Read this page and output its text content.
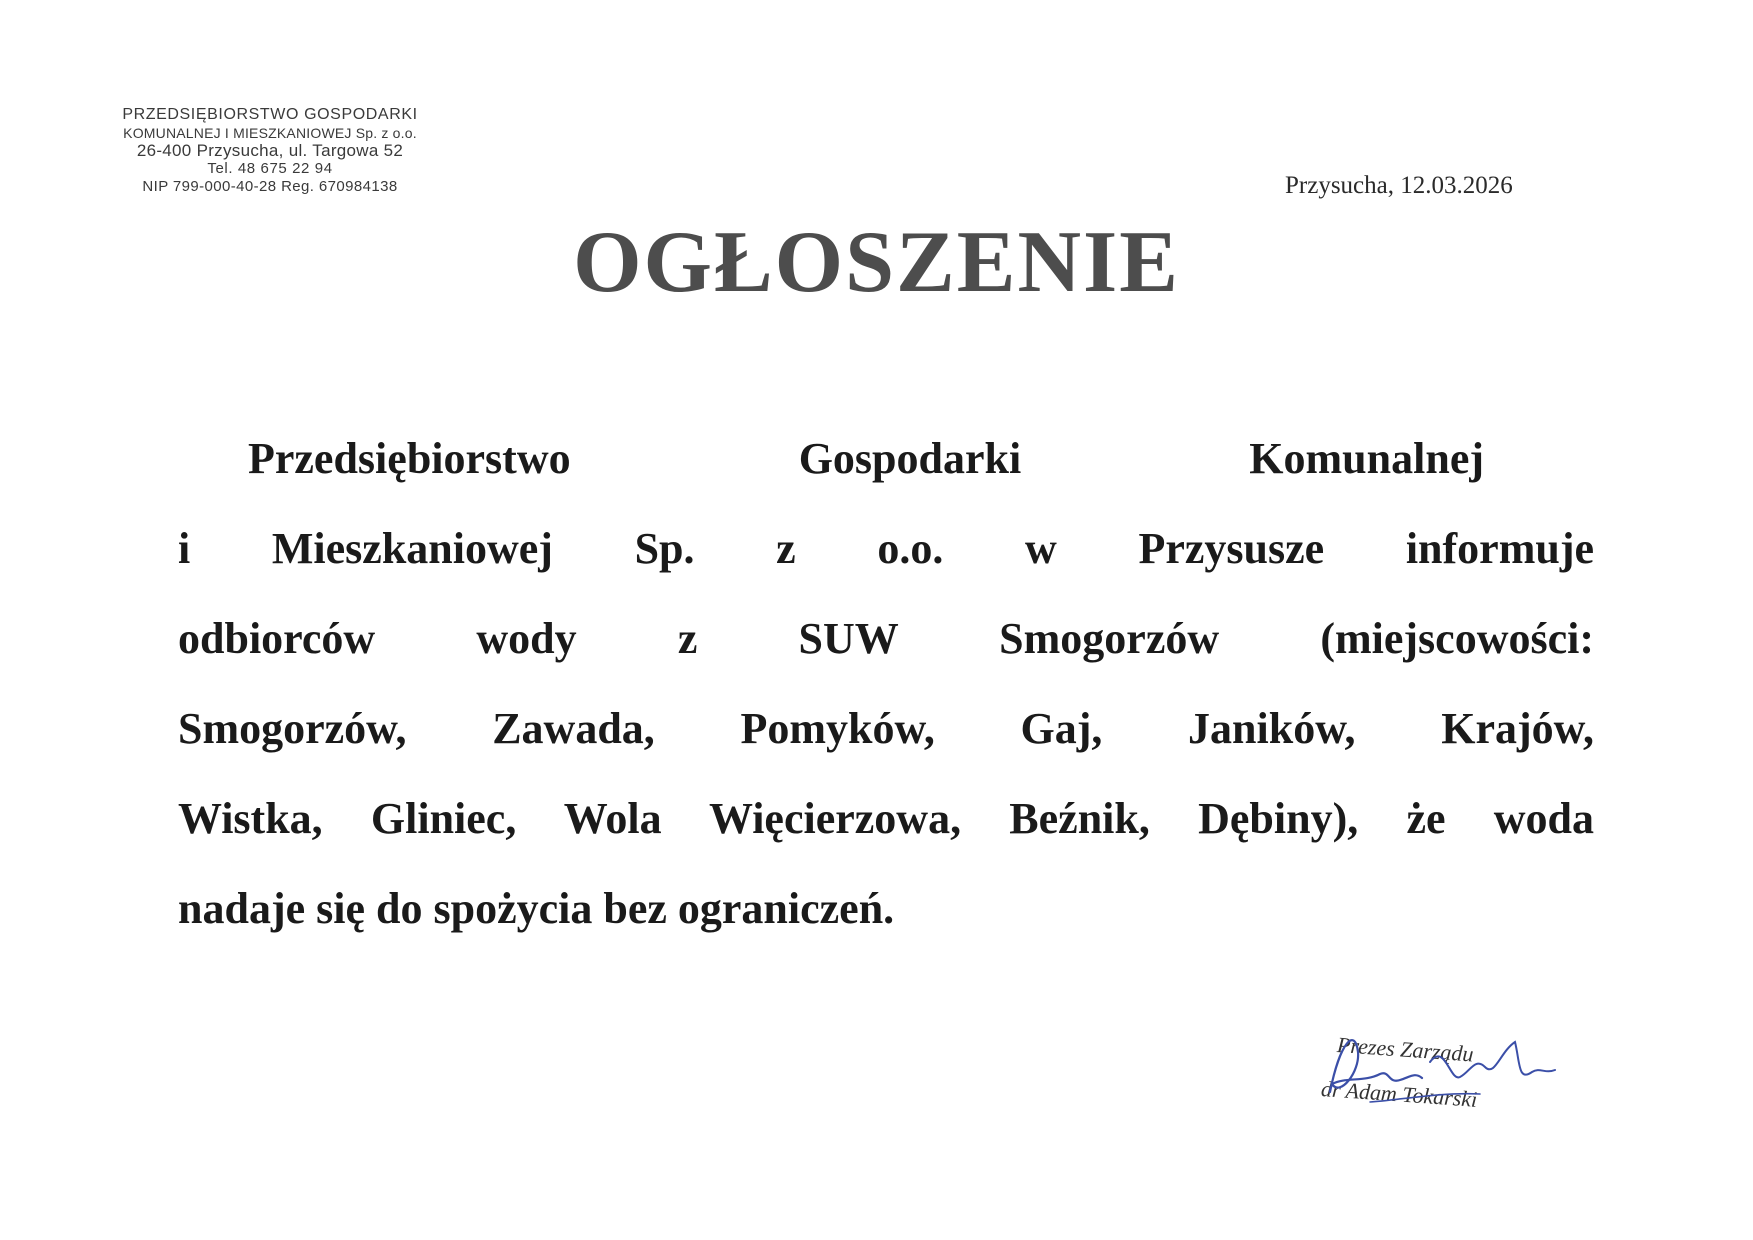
PRZEDSIĘBIORSTWO GOSPODARKI
KOMUNALNEJ I MIESZKANIOWEJ Sp. z o.o.
26-400 Przysucha, ul. Targowa 52
Tel. 48 675 22 94
NIP 799-000-40-28 Reg. 670984138	Przysucha, 12.03.2026
OGŁOSZENIE
Przedsiębiorstwo Gospodarki Komunalnej
i Mieszkaniowej Sp. z o.o. w Przysusze informuje
odbiorców wody z SUW Smogorzów (miejscowości:
Smogorzów, Zawada, Pomyków, Gaj, Janików, Krajów,
Wistka, Gliniec, Wola Więcierzowa, Beźnik, Dębiny), że woda
nadaje się do spożycia bez ograniczeń.
Prezes Zarządu
dr Adam Tokarski
